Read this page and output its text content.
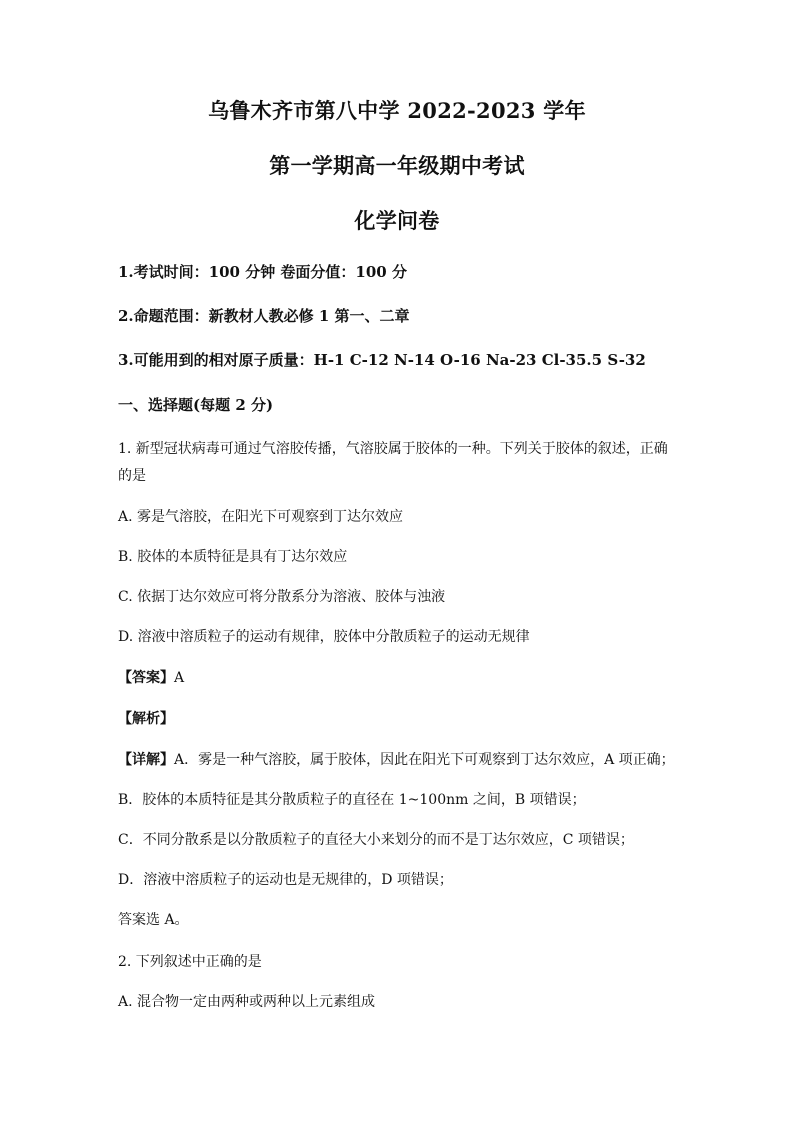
乌鲁木齐市第八中学 2022-2023 学年
第一学期高一年级期中考试
化学问卷
1.考试时间：100 分钟 卷面分值：100 分
2.命题范围：新教材人教必修 1 第一、二章
3.可能用到的相对原子质量：H-1 C-12 N-14 O-16 Na-23 Cl-35.5 S-32
一、选择题(每题 2 分)
1. 新型冠状病毒可通过气溶胶传播，气溶胶属于胶体的一种。下列关于胶体的叙述，正确
的是
A. 雾是气溶胶，在阳光下可观察到丁达尔效应
B. 胶体的本质特征是具有丁达尔效应
C. 依据丁达尔效应可将分散系分为溶液、胶体与浊液
D. 溶液中溶质粒子的运动有规律，胶体中分散质粒子的运动无规律
【答案】A
【解析】
【详解】A．雾是一种气溶胶，属于胶体，因此在阳光下可观察到丁达尔效应，A 项正确；
B．胶体的本质特征是其分散质粒子的直径在 1~100nm 之间，B 项错误；
C．不同分散系是以分散质粒子的直径大小来划分的而不是丁达尔效应，C 项错误；
D．溶液中溶质粒子的运动也是无规律的，D 项错误；
答案选 A。
2. 下列叙述中正确的是
A. 混合物一定由两种或两种以上元素组成
